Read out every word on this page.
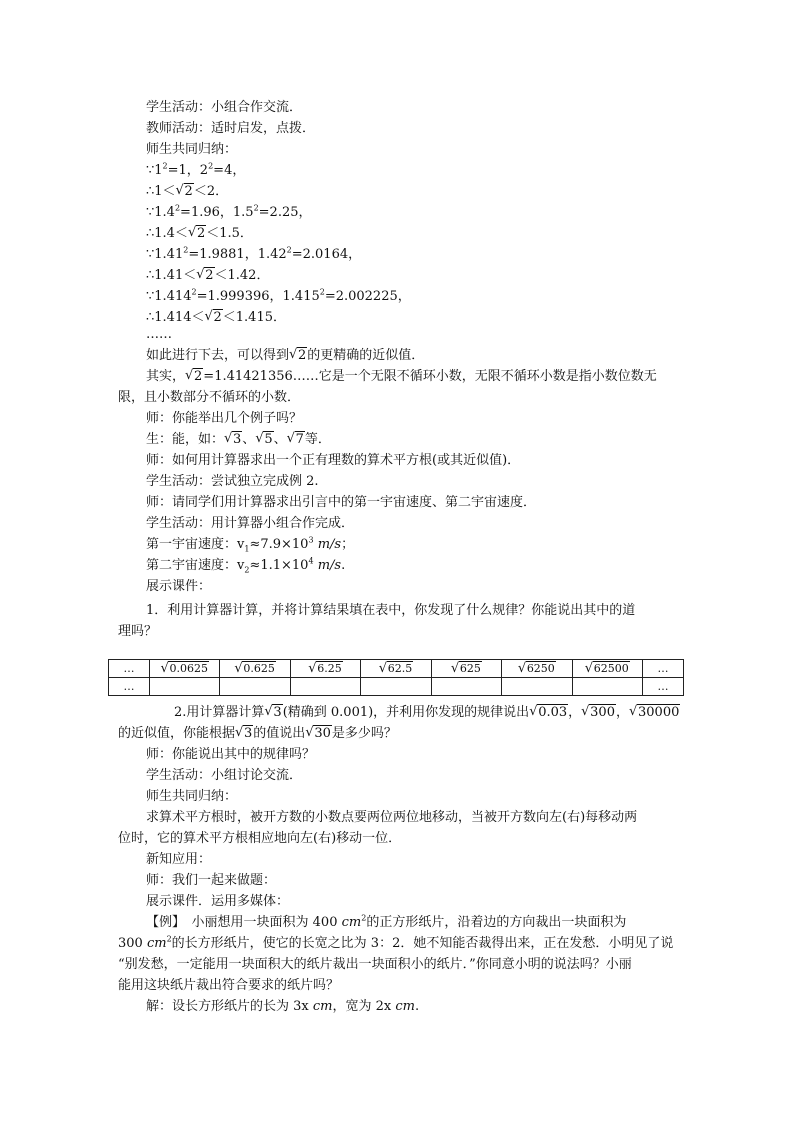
学生活动：小组合作交流．
教师活动：适时启发，点拨．
师生共同归纳：
$\because 1^2=1$，$2^2=4$，
∴1＜ √ 2＜2．
$\because 1.4^2=1.96$，$1.5^2=2.25$，
∴1.4＜ √ 2＜1.5．
$\because 1.41^2=1.9881$，$1.42^2=2.0164$，
∴1.41＜ √ 2＜1.42．
$\because 1.414^2=1.999396$，$1.415^2=2.002225$，
∴1.414＜ √ 2＜1.415．
……
如此进行下去，可以得到 √ 2的更精确的近似值．
其实， √ 2=1.41421356……它是一个无限不循环小数，无限不循环小数是指小数位数无
限，且小数部分不循环的小数．
师：你能举出几个例子吗？
生：能，如： √ 3、 √ 5、 √ 7等．
师：如何用计算器求出一个正有理数的算术平方根(或其近似值)．
学生活动：尝试独立完成例 2.
师：请同学们用计算器求出引言中的第一宇宙速度、第二宇宙速度．
学生活动：用计算器小组合作完成．
第一宇宙速度：$v_1\approx 7.9\times 10^3$ m/s；
第二宇宙速度：$v_2\approx 1.1\times 10^4$ m/s.
展示课件：
1．利用计算器计算，并将计算结果填在表中，你发现了什么规律？你能说出其中的道
理吗？
…	√ 0.0625	√ 0.625	√ 6.25	√ 62.5	√ 625	√ 6250	√ 62500	…
…								…
2.用计算器计算 √ 3(精确到 0.001)，并利用你发现的规律说出 √ 0.03， √ 300， √ 30000
的近似值，你能根据 √ 3的值说出 √ 30是多少吗？
师：你能说出其中的规律吗？
学生活动：小组讨论交流．
师生共同归纳：
求算术平方根时，被开方数的小数点要两位两位地移动，当被开方数向左(右)每移动两
位时，它的算术平方根相应地向左(右)移动一位．
新知应用：
师：我们一起来做题：
展示课件．运用多媒体：
【例】　 小丽想用一块面积为 400 $cm^2$的正方形纸片，沿着边的方向裁出一块面积为
300 $cm^2$的长方形纸片，使它的长宽之比为 3：2．她不知能否裁得出来，正在发愁．小明见了说
“别发愁，一定能用一块面积大的纸片裁出一块面积小的纸片．”你同意小明的说法吗？小丽
能用这块纸片裁出符合要求的纸片吗？
解：设长方形纸片的长为 3x cm，宽为 2x cm.
